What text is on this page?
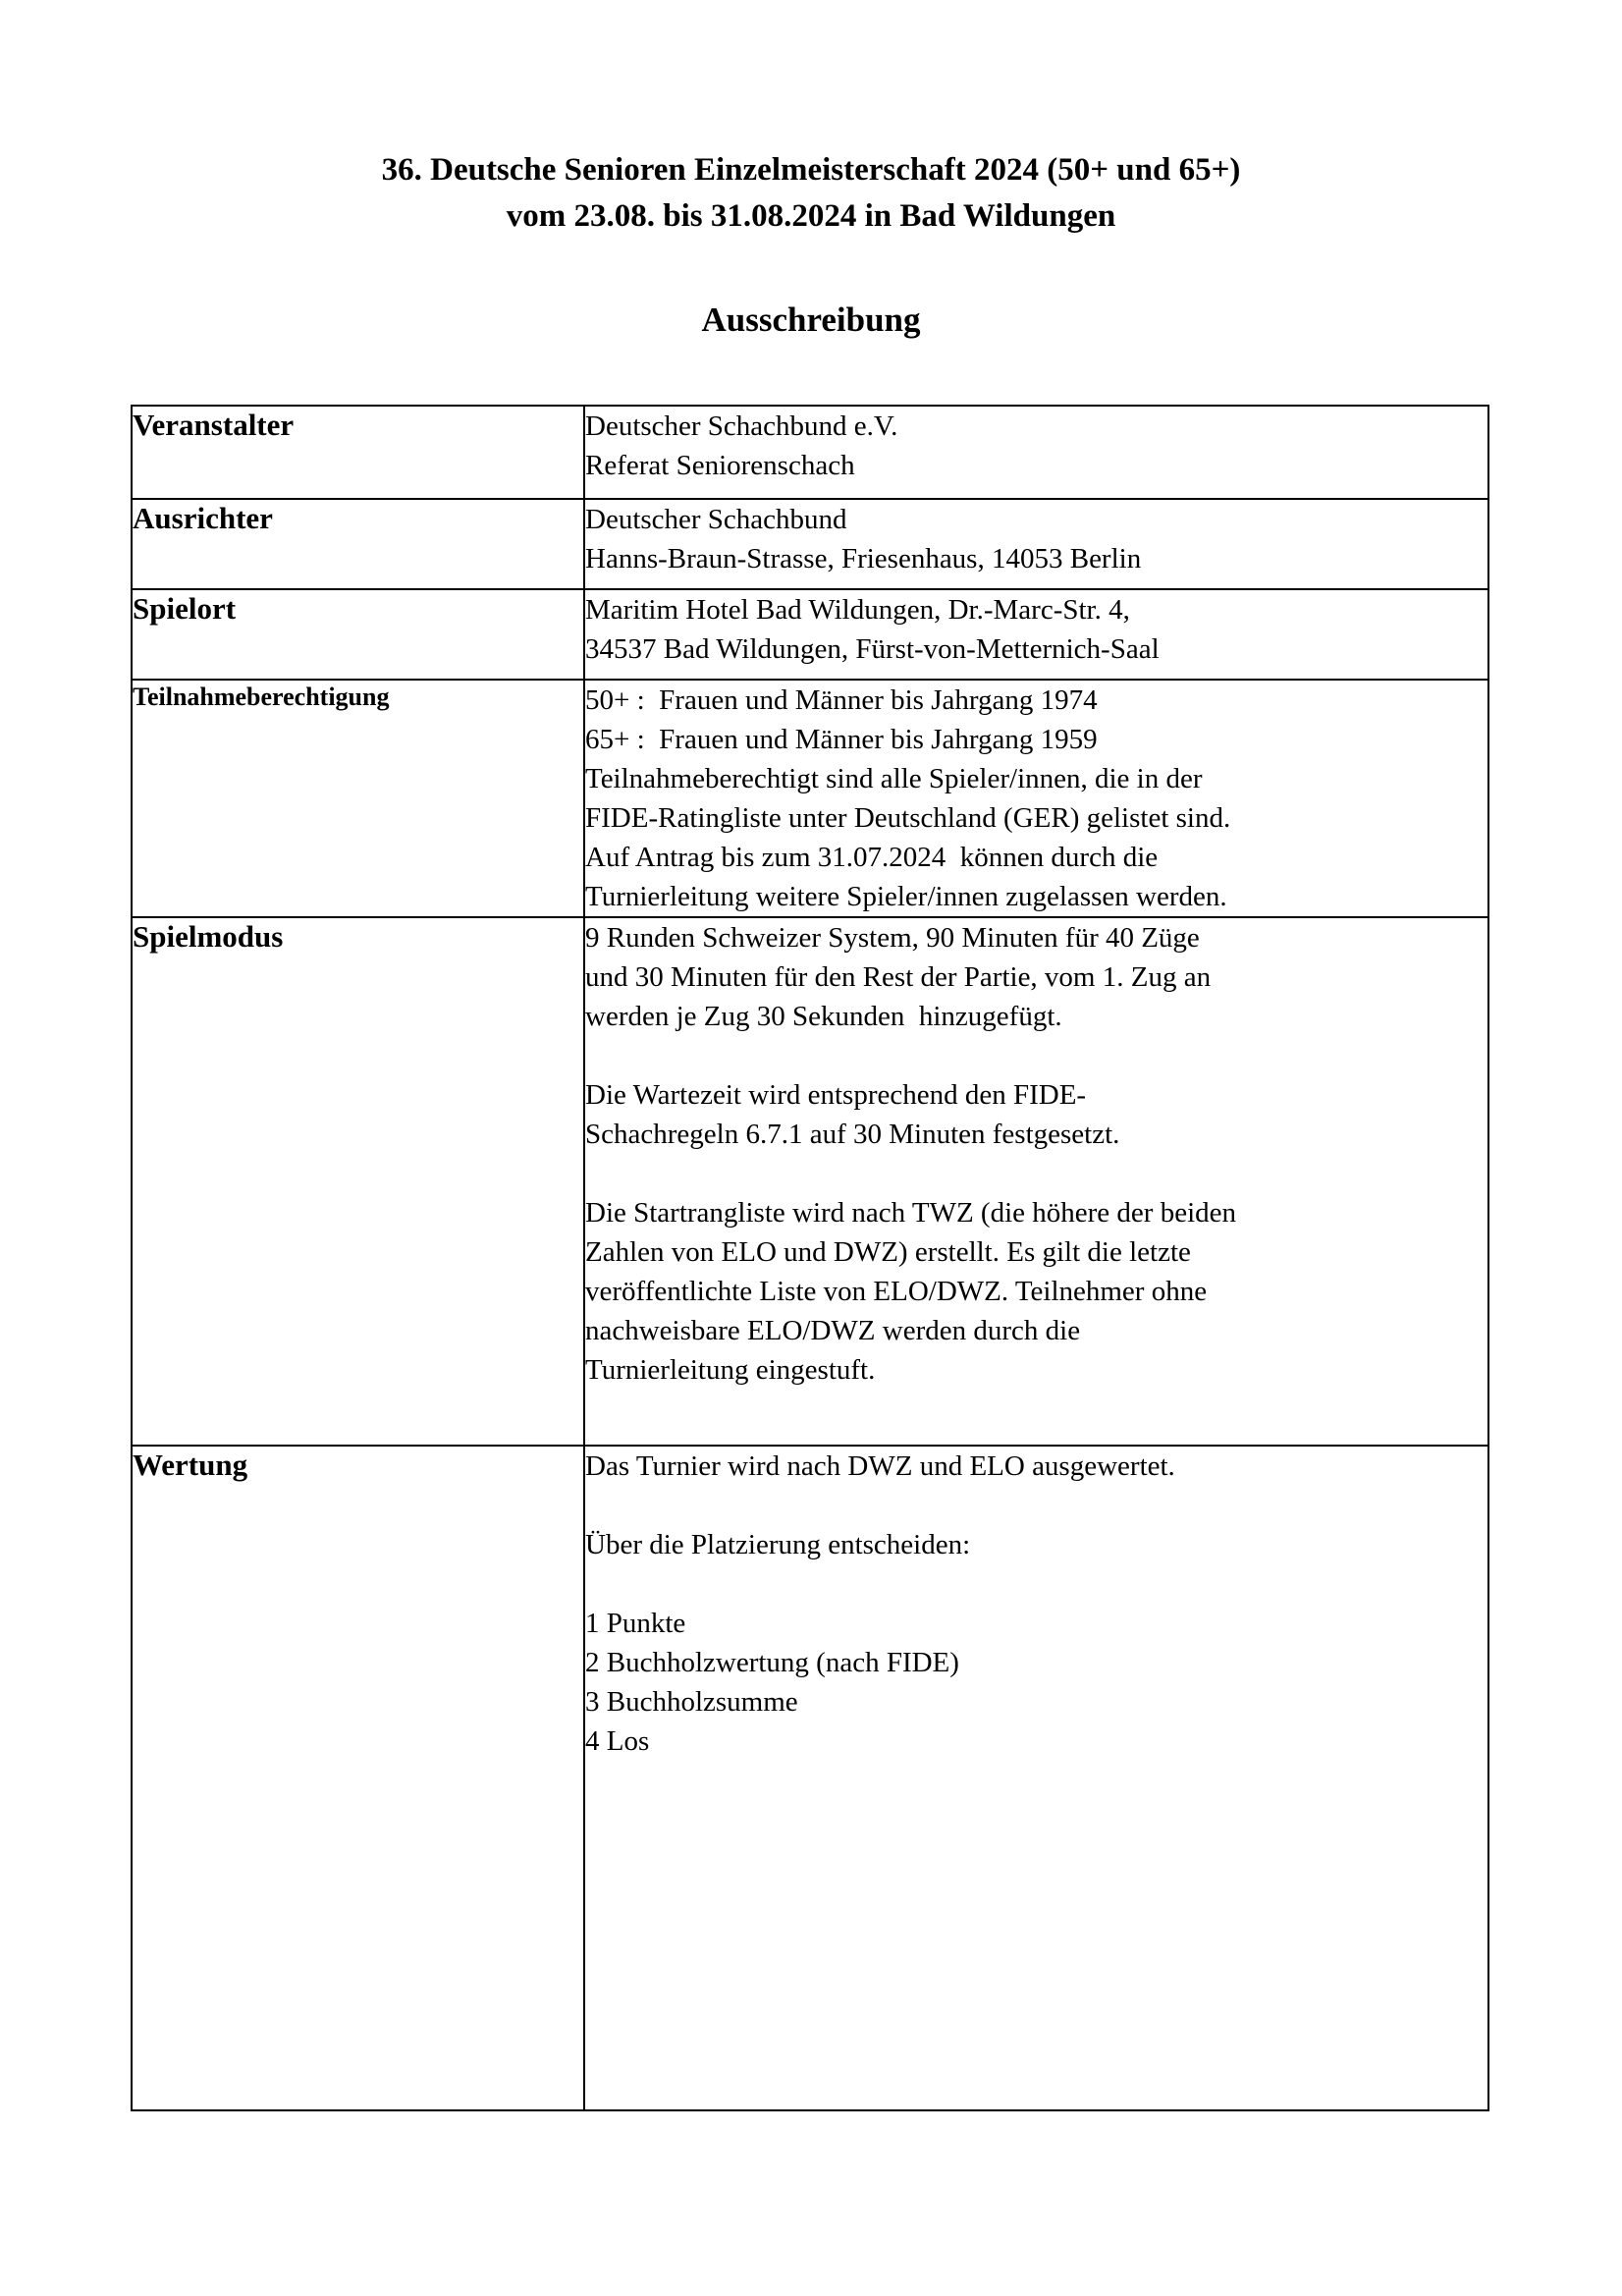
36. Deutsche Senioren Einzelmeisterschaft 2024 (50+ und 65+)
vom 23.08. bis 31.08.2024 in Bad Wildungen
Ausschreibung
Veranstalter	Deutscher Schachbund e.V.
Referat Seniorenschach

Ausrichter	Deutscher Schachbund
Hanns-Braun-Strasse, Friesenhaus, 14053 Berlin

Spielort	Maritim Hotel Bad Wildungen, Dr.-Marc-Str. 4,
34537 Bad Wildungen, Fürst-von-Metternich-Saal

Teilnahmeberechtigung	50+ :  Frauen und Männer bis Jahrgang 1974
65+ :  Frauen und Männer bis Jahrgang 1959
Teilnahmeberechtigt sind alle Spieler/innen, die in der
FIDE-Ratingliste unter Deutschland (GER) gelistet sind.
Auf Antrag bis zum 31.07.2024  können durch die
Turnierleitung weitere Spieler/innen zugelassen werden.

Spielmodus	9 Runden Schweizer System, 90 Minuten für 40 Züge
und 30 Minuten für den Rest der Partie, vom 1. Zug an
werden je Zug 30 Sekunden  hinzugefügt.
Die Wartezeit wird entsprechend den FIDE-
Schachregeln 6.7.1 auf 30 Minuten festgesetzt.
Die Startrangliste wird nach TWZ (die höhere der beiden
Zahlen von ELO und DWZ) erstellt. Es gilt die letzte
veröffentlichte Liste von ELO/DWZ. Teilnehmer ohne
nachweisbare ELO/DWZ werden durch die
Turnierleitung eingestuft.

Wertung	Das Turnier wird nach DWZ und ELO ausgewertet.
Über die Platzierung entscheiden:
1 Punkte
2 Buchholzwertung (nach FIDE)
3 Buchholzsumme
4 Los
